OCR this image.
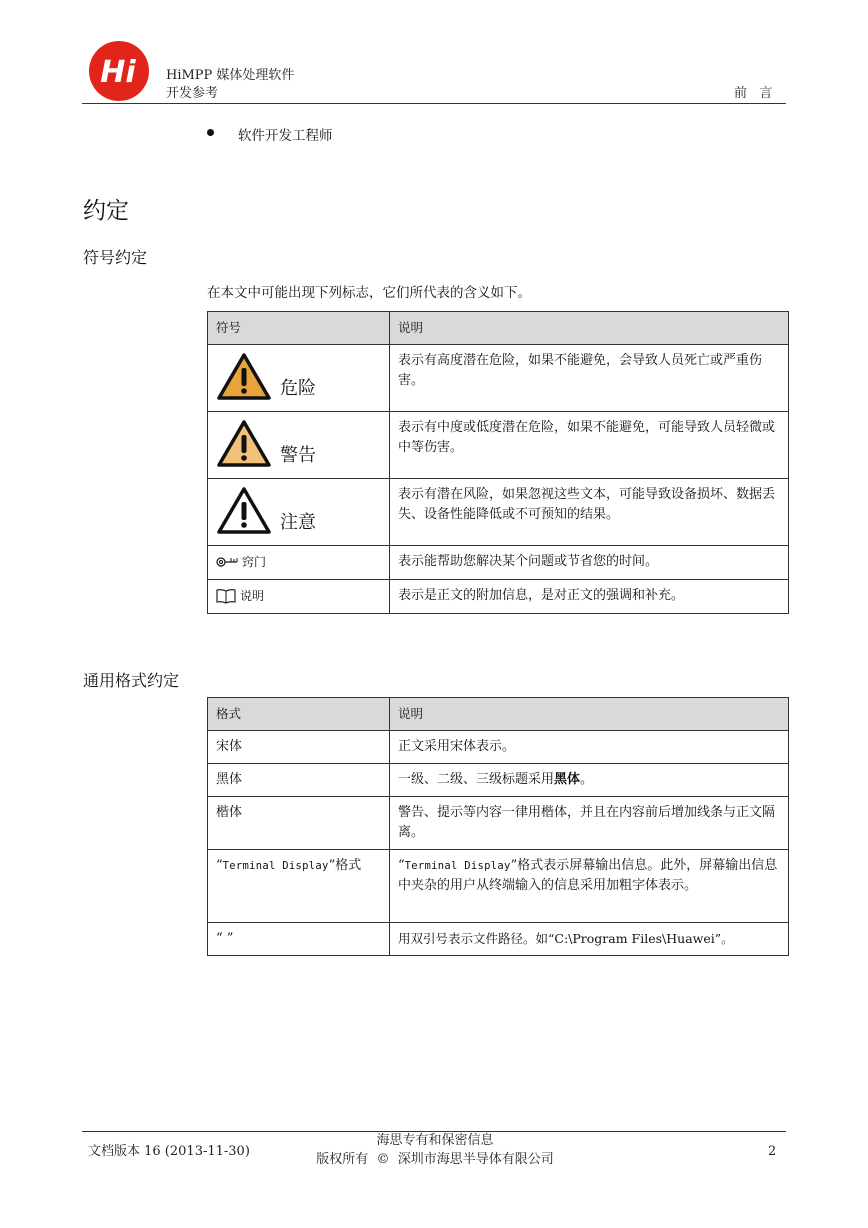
Hi HiMPP 媒体处理软件
开发参考	前   言
软件开发工程师
约定
符号约定
在本文中可能出现下列标志，它们所代表的含义如下。
符号	说明

危险	表示有高度潜在危险，如果不能避免，会导致人员死亡或严重伤害。

警告	表示有中度或低度潜在危险，如果不能避免，可能导致人员轻微或中等伤害。

注意	表示有潜在风险，如果忽视这些文本，可能导致设备损坏、数据丢失、设备性能降低或不可预知的结果。

窍门	表示能帮助您解决某个问题或节省您的时间。

说明	表示是正文的附加信息，是对正文的强调和补充。
通用格式约定
格式	说明
宋体	正文采用宋体表示。
黑体	一级、二级、三级标题采用黑体。
楷体	警告、提示等内容一律用楷体，并且在内容前后增加线条与正文隔离。
“Terminal Display”格式	“Terminal Display”格式表示屏幕输出信息。此外，屏幕输出信息中夹杂的用户从终端输入的信息采用加粗字体表示。
“ ”	用双引号表示文件路径。如“C:\Program Files\Huawei”。
文档版本 16 (2013-11-30)
海思专有和保密信息
版权所有  ©  深圳市海思半导体有限公司
2
